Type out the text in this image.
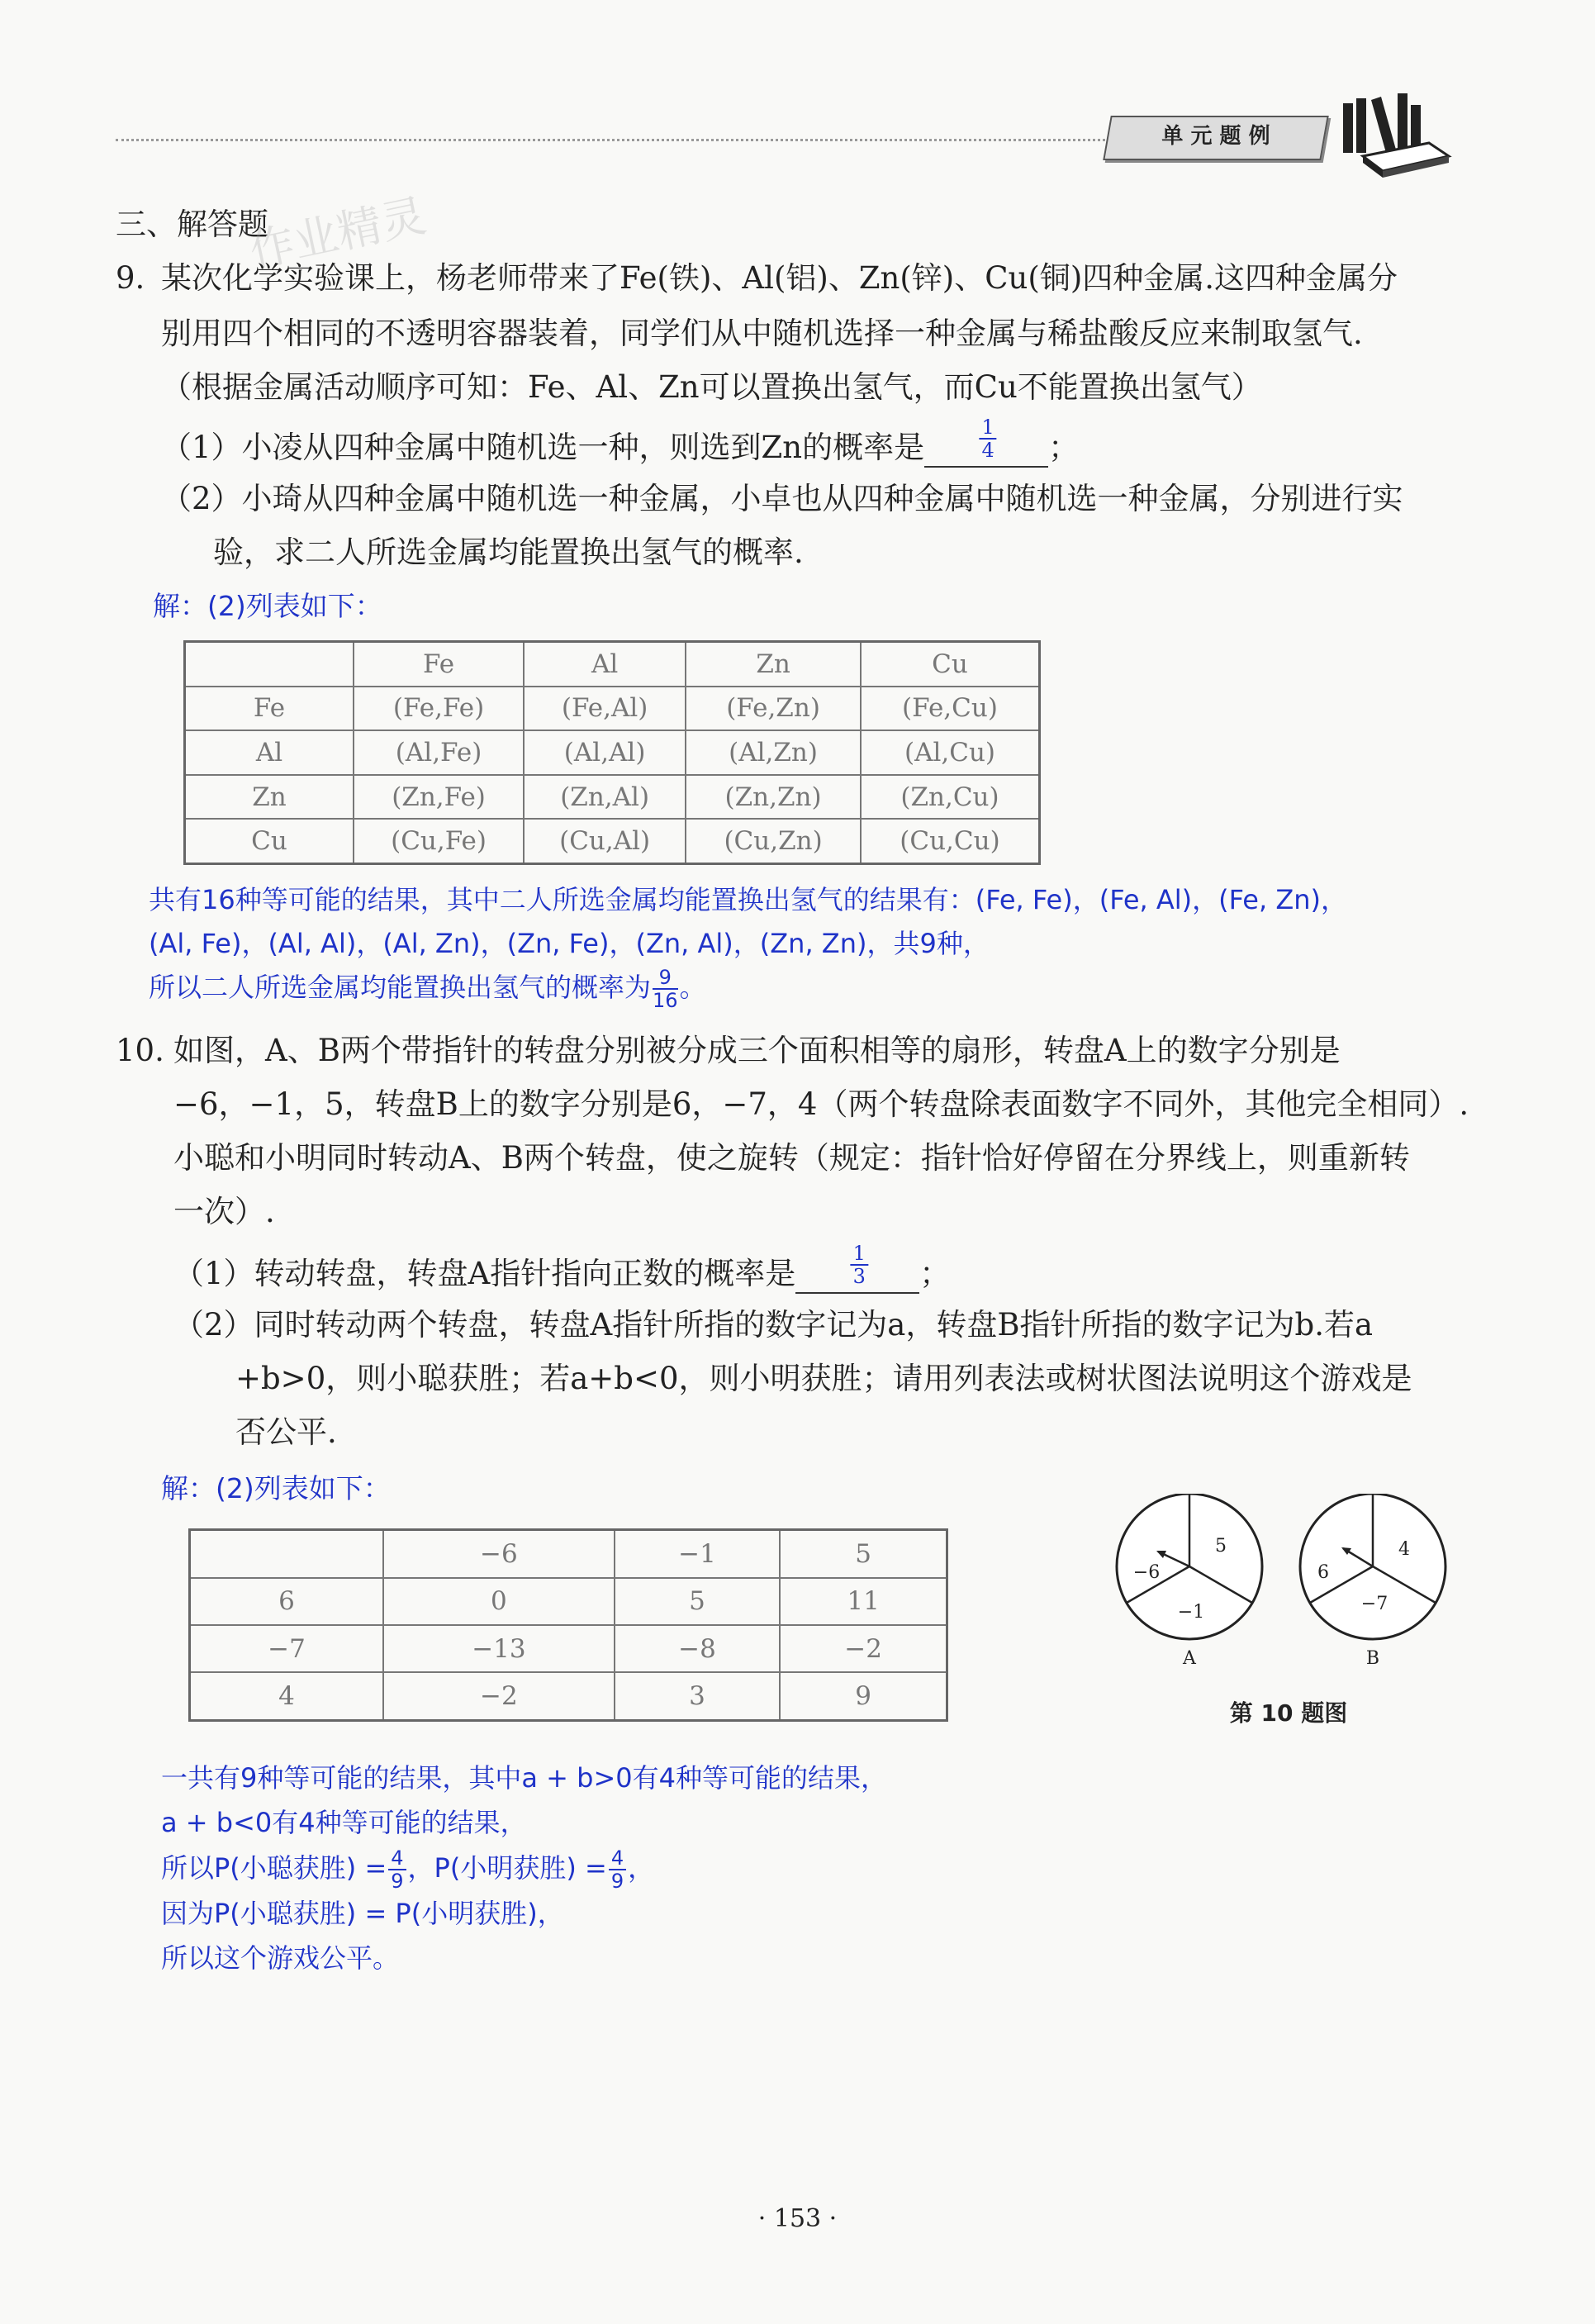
单 元 题 例
三、解答题
作业精灵
9. 某次化学实验课上，杨老师带来了Fe(铁)、Al(铝)、Zn(锌)、Cu(铜)四种金属.这四种金属分
别用四个相同的不透明容器装着，同学们从中随机选择一种金属与稀盐酸反应来制取氢气.
（根据金属活动顺序可知：Fe、Al、Zn可以置换出氢气，而Cu不能置换出氢气）
（1）小凌从四种金属中随机选一种，则选到Zn的概率是	$\frac{1}{4}$ ；
（2）小琦从四种金属中随机选一种金属，小卓也从四种金属中随机选一种金属，分别进行实
验，求二人所选金属均能置换出氢气的概率.
解：(2)列表如下：
	Fe	Al	Zn	Cu
Fe	(Fe,Fe)	(Fe,Al)	(Fe,Zn)	(Fe,Cu)
Al	(Al,Fe)	(Al,Al)	(Al,Zn)	(Al,Cu)
Zn	(Zn,Fe)	(Zn,Al)	(Zn,Zn)	(Zn,Cu)
Cu	(Cu,Fe)	(Cu,Al)	(Cu,Zn)	(Cu,Cu)
共有16种等可能的结果，其中二人所选金属均能置换出氢气的结果有：(Fe, Fe)，(Fe, Al)，(Fe, Zn)，
(Al, Fe)，(Al, Al)，(Al, Zn)，(Zn, Fe)，(Zn, Al)，(Zn, Zn)，共9种，
所以二人所选金属均能置换出氢气的概率为 $\frac{9}{16}$ 。
10. 如图，A、B两个带指针的转盘分别被分成三个面积相等的扇形，转盘A上的数字分别是
−6，−1，5，转盘B上的数字分别是6，−7，4（两个转盘除表面数字不同外，其他完全相同）.
小聪和小明同时转动A、B两个转盘，使之旋转（规定：指针恰好停留在分界线上，则重新转
一次）.
（1）转动转盘，转盘A指针指向正数的概率是	$\frac{1}{3}$ ；
（2）同时转动两个转盘，转盘A指针所指的数字记为a，转盘B指针所指的数字记为b.若a
+b>0，则小聪获胜；若a+b<0，则小明获胜；请用列表法或树状图法说明这个游戏是
否公平.
解：(2)列表如下：
	−6	−1	5
6	0	5	11
−7	−13	−8	−2
4	−2	3	9
5
−6
−1
A
4
6
−7
B
第 10 题图
一共有9种等可能的结果，其中a + b>0有4种等可能的结果，
a + b<0有4种等可能的结果，
所以P(小聪获胜) = $\frac{4}{9}$ ，P(小明获胜) = $\frac{4}{9}$ ，
因为P(小聪获胜) = P(小明获胜)，
所以这个游戏公平。
· 153 ·
